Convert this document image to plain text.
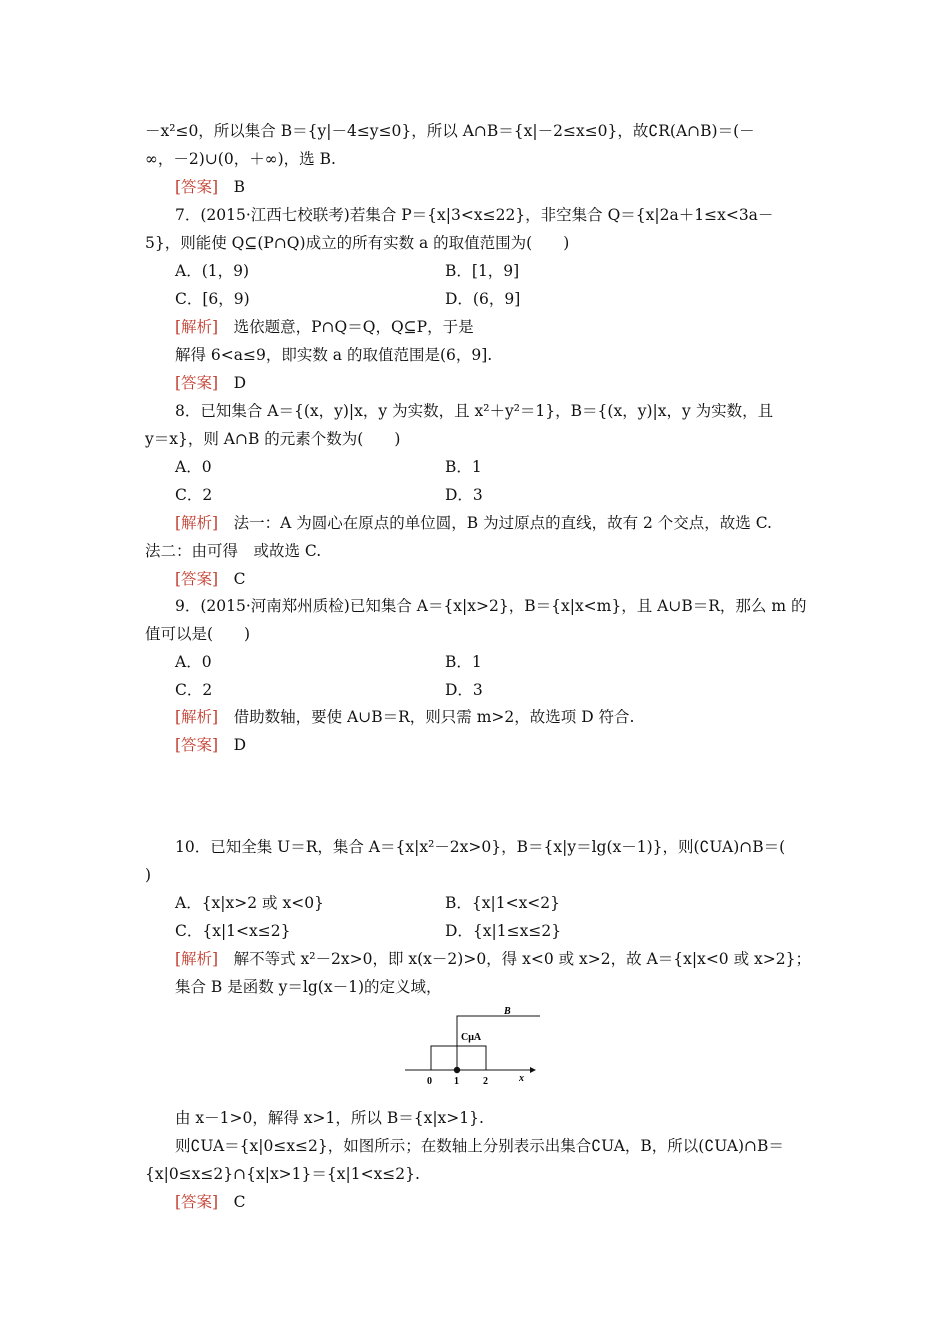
－x²≤0，所以集合 B＝{y|－4≤y≤0}，所以 A∩B＝{x|－2≤x≤0}，故∁R(A∩B)＝(－
∞，－2)∪(0，＋∞)，选 B.
[答案]　 B
7．(2015·江西七校联考)若集合 P＝{x|3<x≤22}，非空集合 Q＝{x|2a＋1≤x<3a－
5}，则能使 Q⊆(P∩Q)成立的所有实数 a 的取值范围为(　　)
A．(1，9)	B．[1，9]
C．[6，9)	D．(6，9]
[解析]　 选依题意，P∩Q＝Q，Q⊆P，于是
解得 6<a≤9，即实数 a 的取值范围是(6，9].
[答案]　 D
8．已知集合 A＝{(x，y)|x，y 为实数，且 x²＋y²＝1}，B＝{(x，y)|x，y 为实数，且
y＝x}，则 A∩B 的元素个数为(　　)
A．0	B．1
C．2	D．3
[解析]　 法一：A 为圆心在原点的单位圆，B 为过原点的直线，故有 2 个交点，故选 C.
法二：由可得　或故选 C.
[答案]　 C
9．(2015·河南郑州质检)已知集合 A＝{x|x>2}，B＝{x|x<m}，且 A∪B＝R，那么 m 的
值可以是(　　)
A．0	B．1
C．2	D．3
[解析]　 借助数轴，要使 A∪B＝R，则只需 m>2，故选项 D 符合.
[答案]　 D
10．已知全集 U＝R，集合 A＝{x|x²－2x>0}，B＝{x|y＝lg(x－1)}，则(∁UA)∩B＝(
)
A．{x|x>2 或 x<0}	B．{x|1<x<2}
C．{x|1<x≤2}	D．{x|1≤x≤2}
[解析]　 解不等式 x²－2x>0，即 x(x－2)>0，得 x<0 或 x>2，故 A＝{x|x<0 或 x>2}；
集合 B 是函数 y＝lg(x－1)的定义域，
B
CμA
0 1 2	x
由 x－1>0，解得 x>1，所以 B＝{x|x>1}.
则∁UA＝{x|0≤x≤2}，如图所示；在数轴上分别表示出集合∁UA，B，所以(∁UA)∩B＝
{x|0≤x≤2}∩{x|x>1}＝{x|1<x≤2}.
[答案]　 C
